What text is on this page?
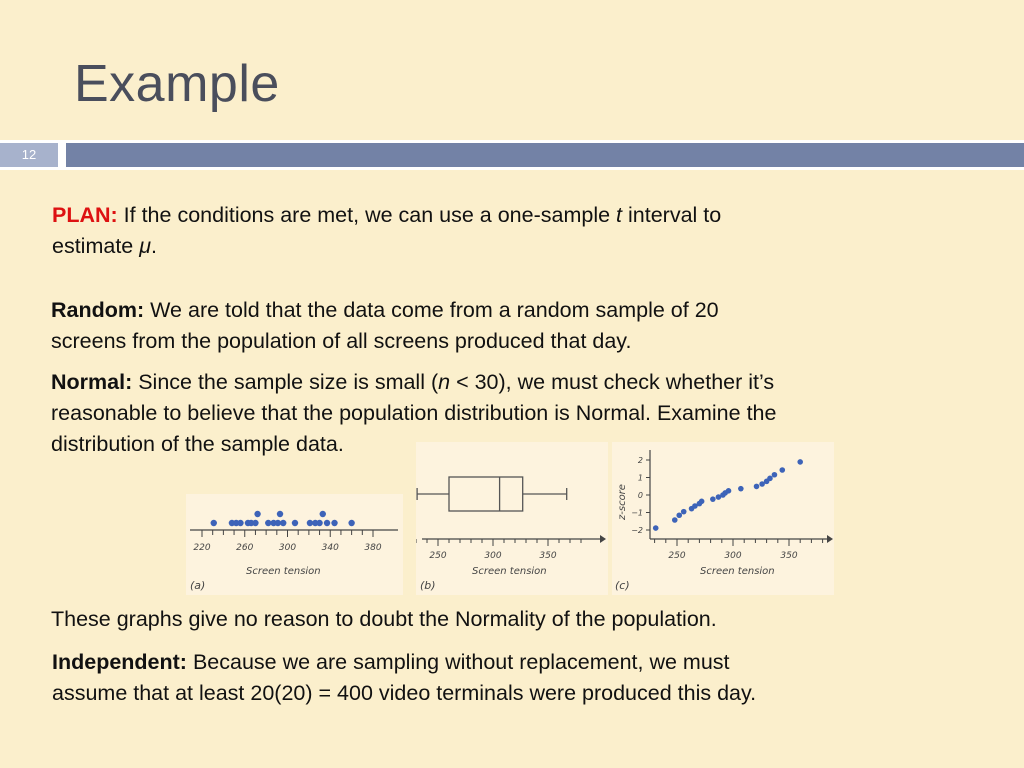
Example
12
PLAN: If the conditions are met, we can use a one-sample t interval to
estimate μ.
Random: We are told that the data come from a random sample of 20
screens from the population of all screens produced that day.
Normal: Since the sample size is small (n < 30), we must check whether it’s
reasonable to believe that the population distribution is Normal. Examine the
distribution of the sample data.
220	260	300	340	380
Screen tension
(a)
250	300	350
Screen tension
(b)
2
1
0
−1
−2
250	300	350
z-score
Screen tension
(c)
These graphs give no reason to doubt the Normality of the population.
Independent: Because we are sampling without replacement, we must
assume that at least 20(20) = 400 video terminals were produced this day.
